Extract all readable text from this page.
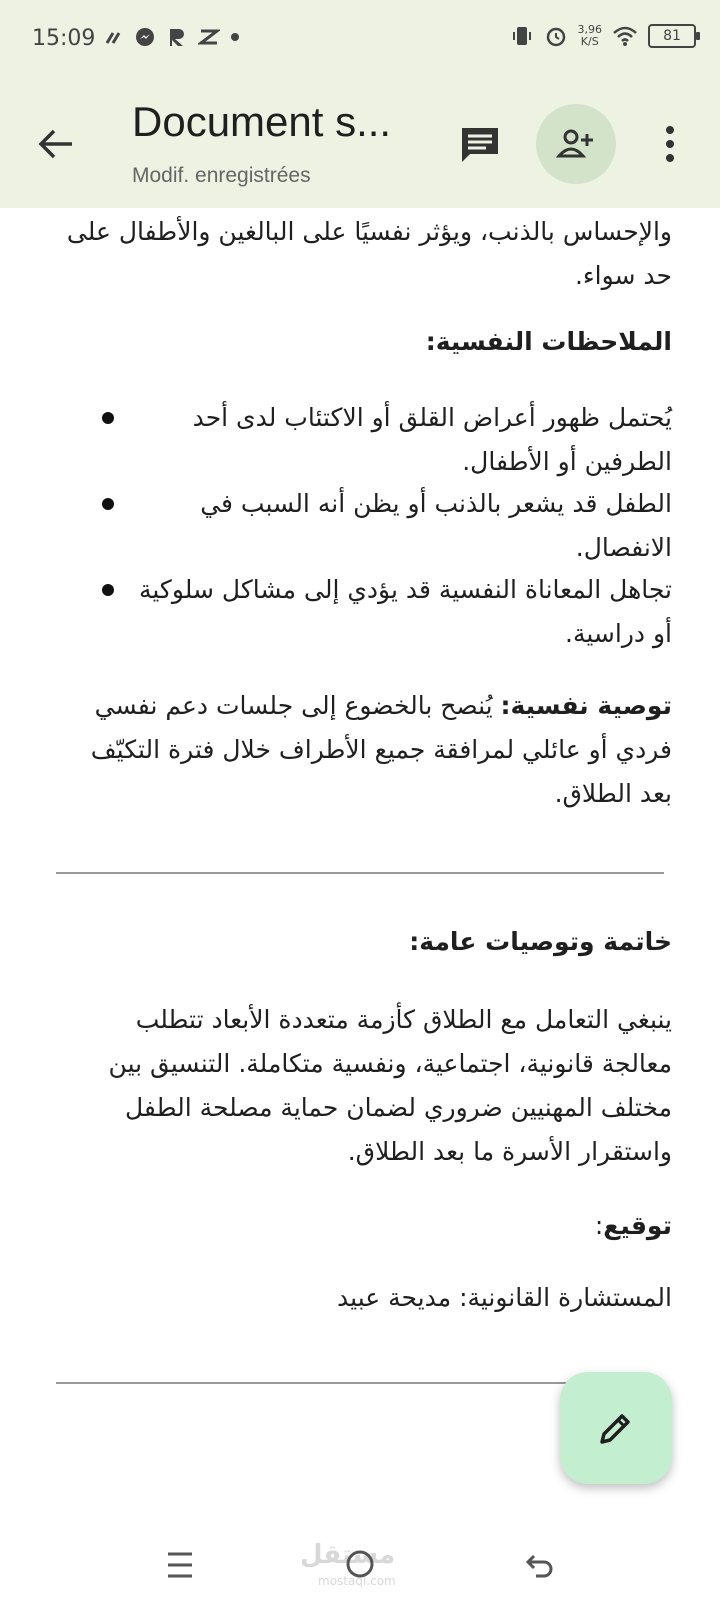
15:09	3,96
K/S	81
Document s...
Modif. enregistrées
والإحساس بالذنب، ويؤثر نفسيًا على البالغين والأطفال على
حد سواء.
الملاحظات النفسية:
يُحتمل ظهور أعراض القلق أو الاكتئاب لدى أحد
الطرفين أو الأطفال.
الطفل قد يشعر بالذنب أو يظن أنه السبب في
الانفصال.
تجاهل المعاناة النفسية قد يؤدي إلى مشاكل سلوكية
أو دراسية.
توصية نفسية: يُنصح بالخضوع إلى جلسات دعم نفسي
فردي أو عائلي لمرافقة جميع الأطراف خلال فترة التكيّف
بعد الطلاق.
خاتمة وتوصيات عامة:
ينبغي التعامل مع الطلاق كأزمة متعددة الأبعاد تتطلب
معالجة قانونية، اجتماعية، ونفسية متكاملة. التنسيق بين
مختلف المهنيين ضروري لضمان حماية مصلحة الطفل
واستقرار الأسرة ما بعد الطلاق.
توقيع:
المستشارة القانونية: مديحة عبيد
مستقل
mostaql.com
